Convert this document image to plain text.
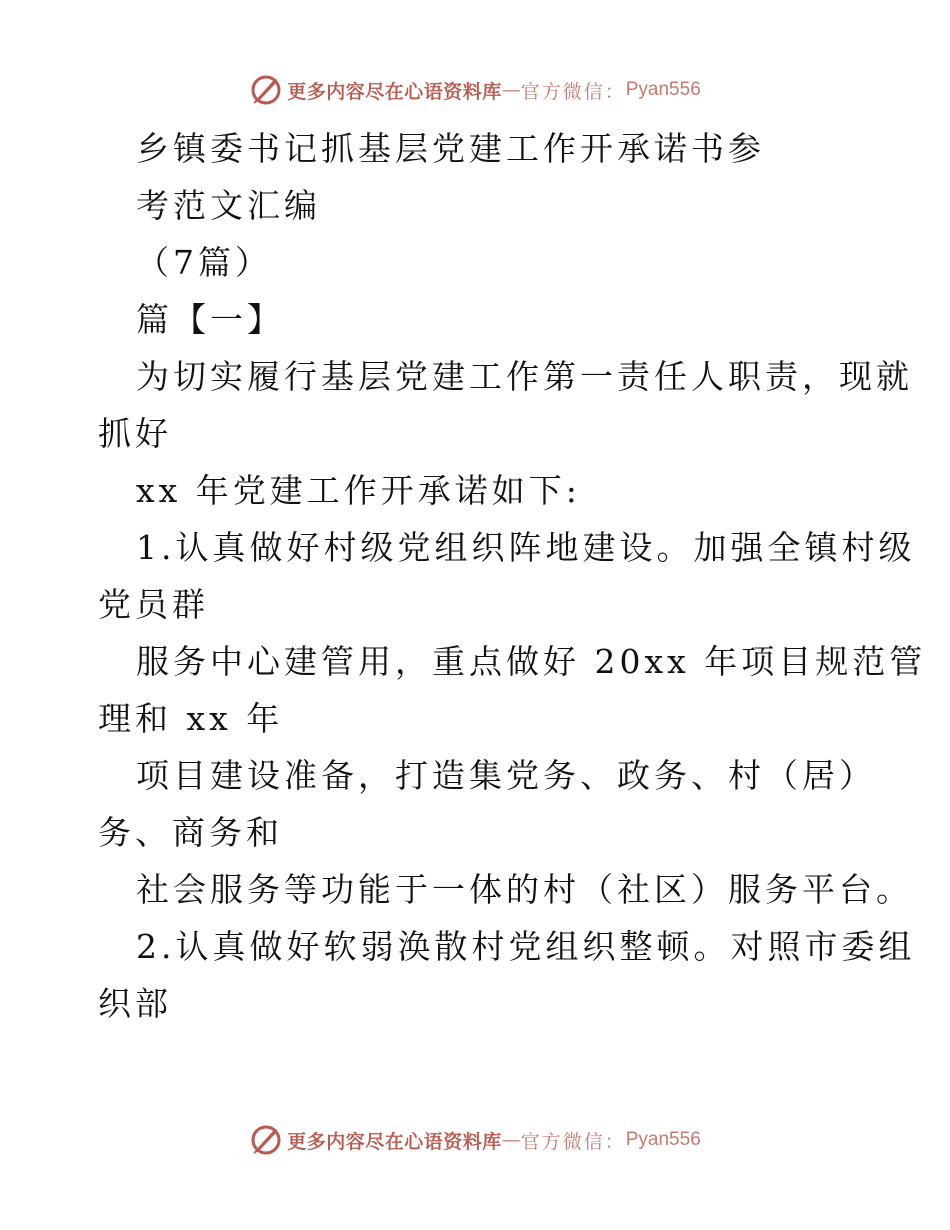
更多内容尽在心语资料库 — 官方微信： Pyan556
乡镇委书记抓基层党建工作开承诺书参
考范文汇编
（7篇）
篇【一】
为切实履行基层党建工作第一责任人职责，现就
抓好
xx 年党建工作开承诺如下:
1.认真做好村级党组织阵地建设。加强全镇村级
党员群
服务中心建管用，重点做好 20xx 年项目规范管
理和 xx 年
项目建设准备，打造集党务、政务、村（居）
务、商务和
社会服务等功能于一体的村（社区）服务平台。
2.认真做好软弱涣散村党组织整顿。对照市委组
织部
更多内容尽在心语资料库 — 官方微信： Pyan556
